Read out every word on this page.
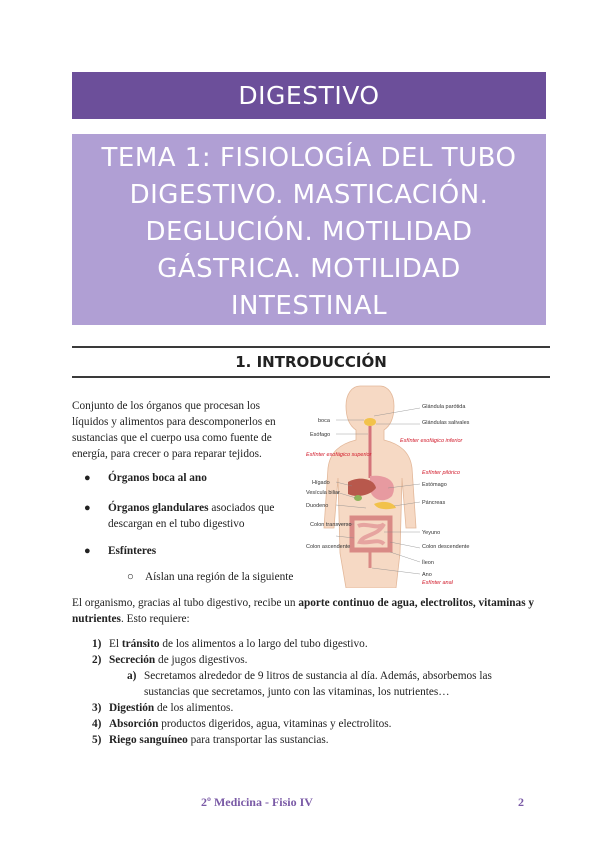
DIGESTIVO
TEMA 1: FISIOLOGÍA DEL TUBO
DIGESTIVO. MASTICACIÓN.
DEGLUCIÓN. MOTILIDAD
GÁSTRICA. MOTILIDAD
INTESTINAL
1. INTRODUCCIÓN
Conjunto de los órganos que procesan los líquidos y alimentos para descomponerlos en sustancias que el cuerpo usa como fuente de energía, para crecer o para reparar tejidos.
● Órganos boca al ano
● Órganos glandulares asociados que descargan en el tubo digestivo
● Esfínteres
○ Aíslan una región de la siguiente
boca
Esófago
Esfínter esofágico superior
Hígado
Vesícula biliar
Duodeno
Colon transverso
Colon ascendente
Glándula parótida
Glándulas salivales
Esfínter esofágico inferior
Esfínter pilórico
Estómago
Páncreas
Yeyuno
Colon descendente
Íleon
Ano
Esfínter anal
El organismo, gracias al tubo digestivo, recibe un aporte continuo de agua, electrolitos, vitaminas y nutrientes. Esto requiere:
1) El tránsito de los alimentos a lo largo del tubo digestivo.
2) Secreción de jugos digestivos.
a) Secretamos alrededor de 9 litros de sustancia al día. Además, absorbemos las sustancias que secretamos, junto con las vitaminas, los nutrientes…
3) Digestión de los alimentos.
4) Absorción productos digeridos, agua, vitaminas y electrolitos.
5) Riego sanguíneo para transportar las sustancias.
2º Medicina - Fisio IV	2
